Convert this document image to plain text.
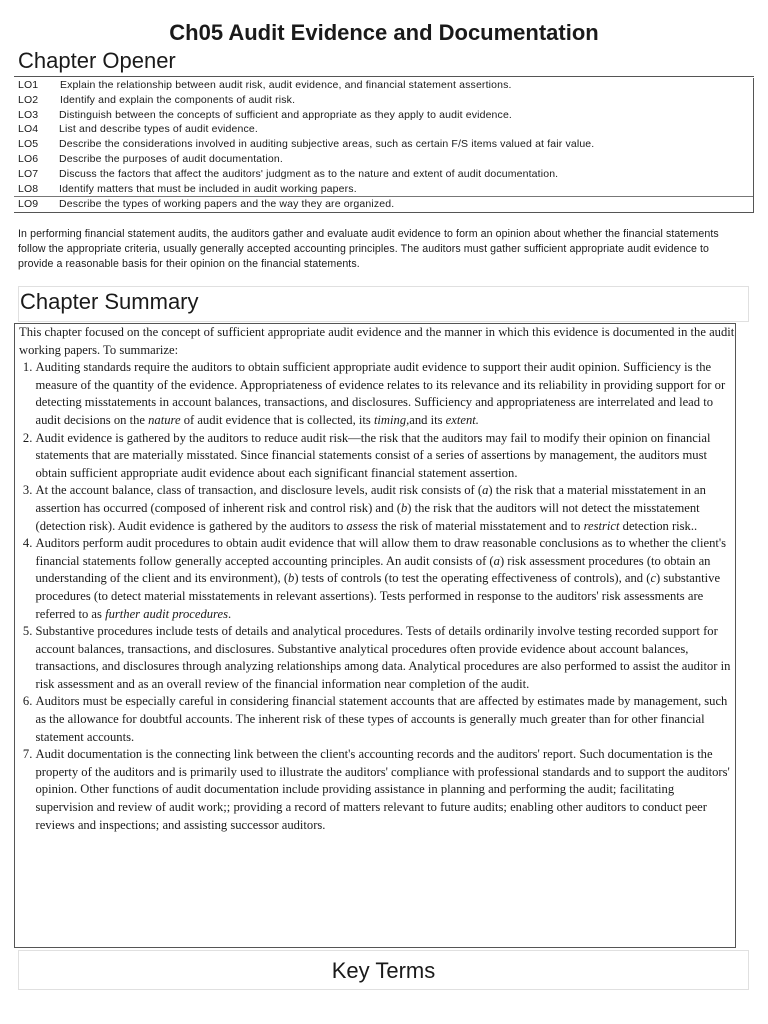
Ch05 Audit Evidence and Documentation
Chapter Opener
LO1 Explain the relationship between audit risk, audit evidence, and financial statement assertions.
LO2 Identify and explain the components of audit risk.
LO3 Distinguish between the concepts of sufficient and appropriate as they apply to audit evidence.
LO4 List and describe types of audit evidence.
LO5 Describe the considerations involved in auditing subjective areas, such as certain F/S items valued at fair value.
LO6 Describe the purposes of audit documentation.
LO7 Discuss the factors that affect the auditors' judgment as to the nature and extent of audit documentation.
LO8 Identify matters that must be included in audit working papers.
LO9 Describe the types of working papers and the way they are organized.
In performing financial statement audits, the auditors gather and evaluate audit evidence to form an opinion about whether the financial statements follow the appropriate criteria, usually generally accepted accounting principles. The auditors must gather sufficient appropriate audit evidence to provide a reasonable basis for their opinion on the financial statements.
Chapter Summary

This chapter focused on the concept of sufficient appropriate audit evidence and the manner in which this evidence is documented in the audit working papers. To summarize:

1. Auditing standards require the auditors to obtain sufficient appropriate audit evidence to support their audit opinion. Sufficiency is the measure of the quantity of the evidence. Appropriateness of evidence relates to its relevance and its reliability in providing support for or detecting misstatements in account balances, transactions, and disclosures. Sufficiency and appropriateness are interrelated and lead to audit decisions on the nature of audit evidence that is collected, its timing,and its extent.
2. Audit evidence is gathered by the auditors to reduce audit risk—the risk that the auditors may fail to modify their opinion on financial statements that are materially misstated. Since financial statements consist of a series of assertions by management, the auditors must obtain sufficient appropriate audit evidence about each significant financial statement assertion.
3. At the account balance, class of transaction, and disclosure levels, audit risk consists of (a) the risk that a material misstatement in an assertion has occurred (composed of inherent risk and control risk) and (b) the risk that the auditors will not detect the misstatement (detection risk). Audit evidence is gathered by the auditors to assess the risk of material misstatement and to restrict detection risk..
4. Auditors perform audit procedures to obtain audit evidence that will allow them to draw reasonable conclusions as to whether the client's financial statements follow generally accepted accounting principles. An audit consists of (a) risk assessment procedures (to obtain an understanding of the client and its environment), (b) tests of controls (to test the operating effectiveness of controls), and (c) substantive procedures (to detect material misstatements in relevant assertions). Tests performed in response to the auditors' risk assessments are referred to as further audit procedures.
5. Substantive procedures include tests of details and analytical procedures. Tests of details ordinarily involve testing recorded support for account balances, transactions, and disclosures. Substantive analytical procedures often provide evidence about account balances, transactions, and disclosures through analyzing relationships among data. Analytical procedures are also performed to assist the auditor in risk assessment and as an overall review of the financial information near completion of the audit.
6. Auditors must be especially careful in considering financial statement accounts that are affected by estimates made by management, such as the allowance for doubtful accounts. The inherent risk of these types of accounts is generally much greater than for other financial statement accounts.
7. Audit documentation is the connecting link between the client's accounting records and the auditors' report. Such documentation is the property of the auditors and is primarily used to illustrate the auditors' compliance with professional standards and to support the auditors' opinion. Other functions of audit documentation include providing assistance in planning and performing the audit; facilitating supervision and review of audit work;; providing a record of matters relevant to future audits; enabling other auditors to conduct peer reviews and inspections; and assisting successor auditors.
Key Terms
